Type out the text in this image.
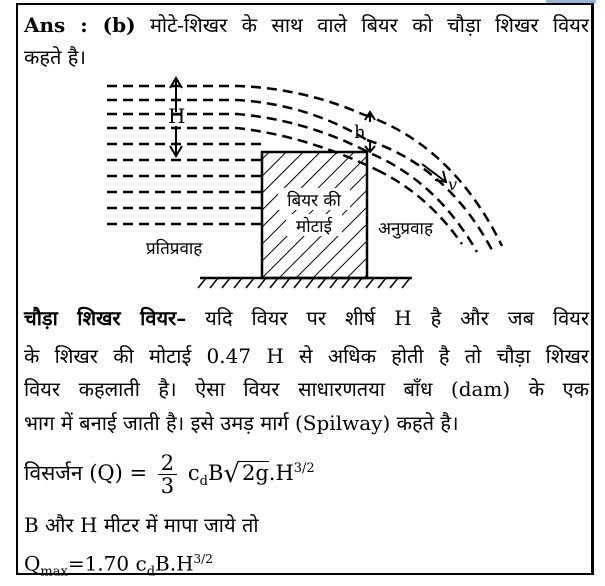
Ans : (b) मोटे-शिखर के साथ वाले बियर को चौड़ा शिखर वियर
कहते है।
H
h
v
बियर की
मोटाई
प्रतिप्रवाह
अनुप्रवाह
चौड़ा शिखर वियर– यदि वियर पर शीर्ष H है और जब वियर
के शिखर की मोटाई 0.47 H से अधिक होती है तो चौड़ा शिखर
वियर कहलाती है। ऐसा वियर साधारणतया बाँध (dam) के एक
भाग में बनाई जाती है। इसे उमड़ मार्ग (Spilway) कहते है।
विसर्जन $(Q) = \frac{2}{3} c_dB√2g.H^{3/2}$
B और H मीटर में मापा जाये तो
$Q_{max}=1.70$ $c_dB.H^{3/2}$
